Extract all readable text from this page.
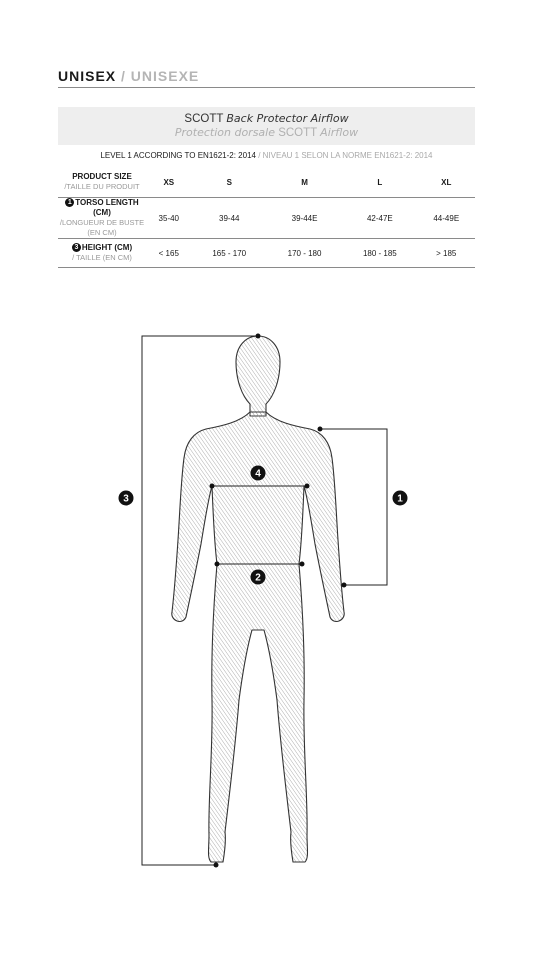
UNISEX / UNISEXE
SCOTT Back Protector Airflow
Protection dorsale SCOTT Airflow
LEVEL 1 ACCORDING TO EN1621-2: 2014 / NIVEAU 1 SELON LA NORME EN1621-2: 2014
PRODUCT SIZE
/TAILLE DU PRODUIT	XS	S	M	L	XL

1 TORSO LENGTH (CM)
/LONGUEUR DE BUSTE (EN CM)	35-40	39-44	39-44E	42-47E	44-49E

3 HEIGHT (CM)
/ TAILLE (EN CM)	< 165	165 - 170	170 - 180	180 - 185	> 185
3	1
4
2
